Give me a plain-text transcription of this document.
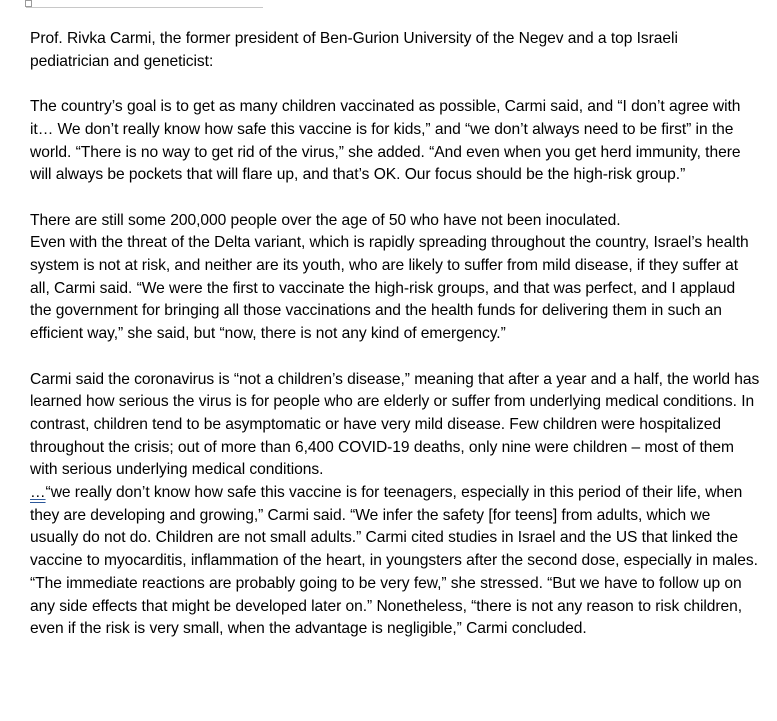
Prof. Rivka Carmi, the former president of Ben-Gurion University of the Negev and a top Israeli pediatrician and geneticist:

The country’s goal is to get as many children vaccinated as possible, Carmi said, and “I don’t agree with it… We don’t really know how safe this vaccine is for kids,” and “we don’t always need to be first” in the world. “There is no way to get rid of the virus,” she added. “And even when you get herd immunity, there will always be pockets that will flare up, and that’s OK. Our focus should be the high-risk group.”

There are still some 200,000 people over the age of 50 who have not been inoculated.

Even with the threat of the Delta variant, which is rapidly spreading throughout the country, Israel’s health system is not at risk, and neither are its youth, who are likely to suffer from mild disease, if they suffer at all, Carmi said. “We were the first to vaccinate the high-risk groups, and that was perfect, and I applaud the government for bringing all those vaccinations and the health funds for delivering them in such an efficient way,” she said, but “now, there is not any kind of emergency.”

Carmi said the coronavirus is “not a children’s disease,” meaning that after a year and a half, the world has learned how serious the virus is for people who are elderly or suffer from underlying medical conditions. In contrast, children tend to be asymptomatic or have very mild disease. Few children were hospitalized throughout the crisis; out of more than 6,400 COVID-19 deaths, only nine were children – most of them with serious underlying medical conditions.

…“we really don’t know how safe this vaccine is for teenagers, especially in this period of their life, when they are developing and growing,” Carmi said. “We infer the safety [for teens] from adults, which we usually do not do. Children are not small adults.” Carmi cited studies in Israel and the US that linked the vaccine to myocarditis, inflammation of the heart, in youngsters after the second dose, especially in males. “The immediate reactions are probably going to be very few,” she stressed. “But we have to follow up on any side effects that might be developed later on.” Nonetheless, “there is not any reason to risk children, even if the risk is very small, when the advantage is negligible,” Carmi concluded.
